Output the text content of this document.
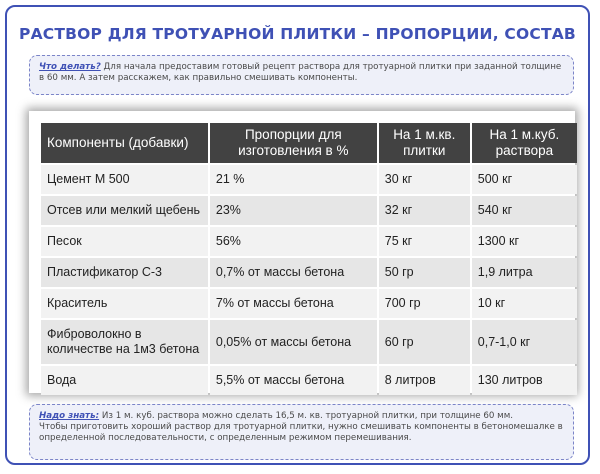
РАСТВОР ДЛЯ ТРОТУАРНОЙ ПЛИТКИ – ПРОПОРЦИИ, СОСТАВ
Что делать? Для начала предоставим готовый рецепт раствора для тротуарной плитки при заданной толщине в 60 мм. А затем расскажем, как правильно смешивать компоненты.
Компоненты (добавки)	Пропорции для изготовления в %	На 1 м.кв. плитки	На 1 м.куб. раствора
Цемент М 500	21 %	30 кг	500 кг
Отсев или мелкий щебень	23%	32 кг	540 кг
Песок	56%	75 кг	1300 кг
Пластификатор С-3	0,7% от массы бетона	50 гр	1,9 литра
Краситель	7% от массы бетона	700 гр	10 кг
Фиброволокно в количестве на 1м3 бетона	0,05% от массы бетона	60 гр	0,7-1,0 кг
Вода	5,5% от массы бетона	8 литров	130 литров
Надо знать: Из 1 м. куб. раствора можно сделать 16,5 м. кв. тротуарной плитки, при толщине 60 мм.
Чтобы приготовить хороший раствор для тротуарной плитки, нужно смешивать компоненты в бетономешалке в определенной последовательности, с определенным режимом перемешивания.
